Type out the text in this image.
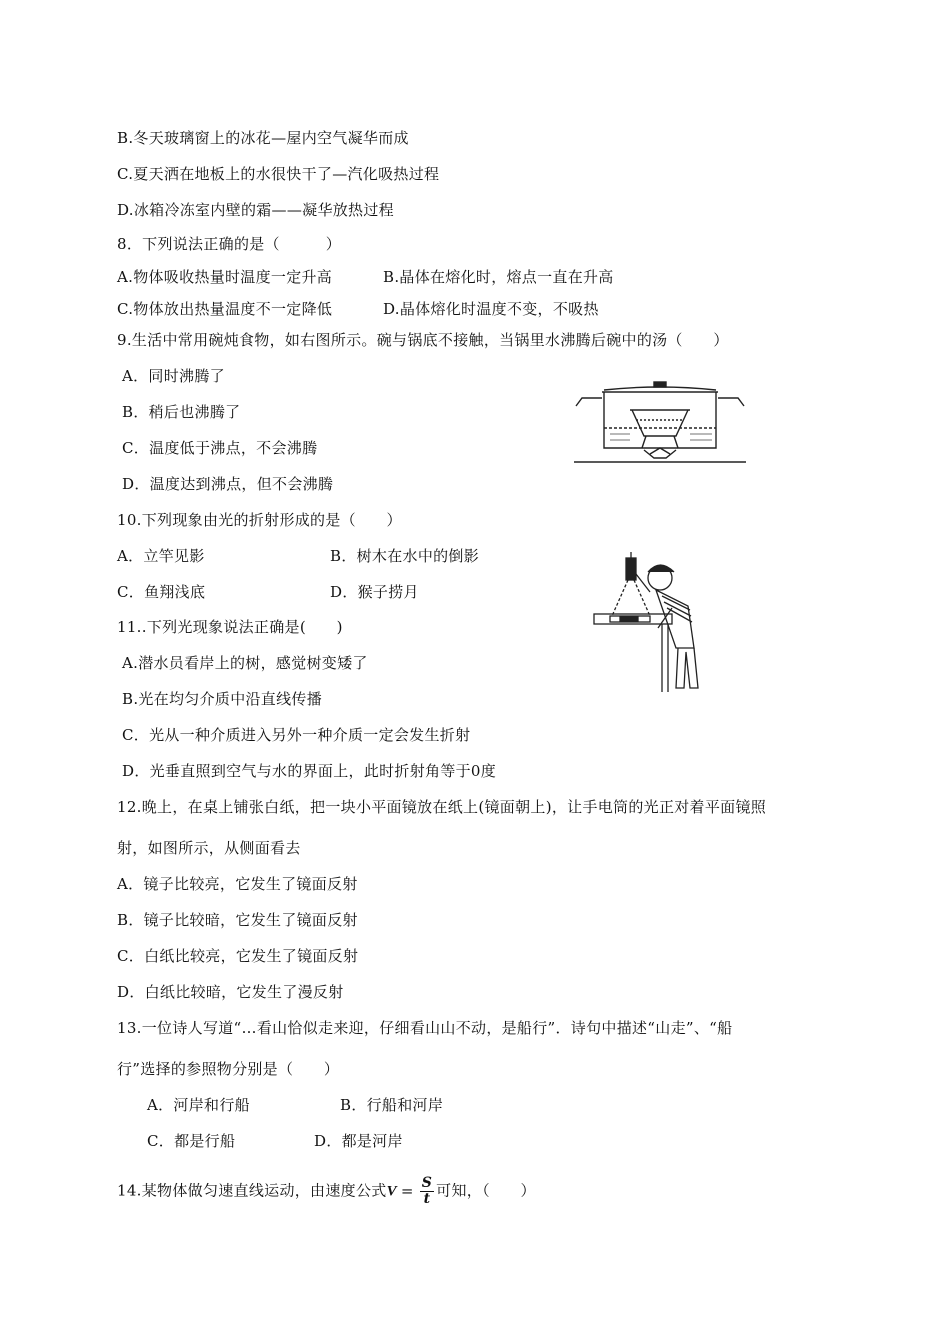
B.冬天玻璃窗上的冰花—屋内空气凝华而成
C.夏天洒在地板上的水很快干了—汽化吸热过程
D.冰箱冷冻室内壁的霜——凝华放热过程
8．下列说法正确的是（　　　）
A.物体吸收热量时温度一定升高	B.晶体在熔化时，熔点一直在升高
C.物体放出热量温度不一定降低	D.晶体熔化时温度不变，不吸热
9.生活中常用碗炖食物，如右图所示。碗与锅底不接触，当锅里水沸腾后碗中的汤（　　）
A．同时沸腾了
B．稍后也沸腾了
C．温度低于沸点，不会沸腾
D．温度达到沸点，但不会沸腾
10.下列现象由光的折射形成的是（　　）
A．立竿见影	B．树木在水中的倒影
C．鱼翔浅底	D．猴子捞月
11..下列光现象说法正确是(　　)
A.潜水员看岸上的树，感觉树变矮了
B.光在均匀介质中沿直线传播
C．光从一种介质进入另外一种介质一定会发生折射
D．光垂直照到空气与水的界面上，此时折射角等于0度
12.晚上，在桌上铺张白纸，把一块小平面镜放在纸上(镜面朝上)，让手电筒的光正对着平面镜照
射，如图所示，从侧面看去
A．镜子比较亮，它发生了镜面反射
B．镜子比较暗，它发生了镜面反射
C．白纸比较亮，它发生了镜面反射
D．白纸比较暗，它发生了漫反射
13.一位诗人写道“…看山恰似走来迎，仔细看山山不动，是船行”．诗句中描述“山走”、“船
行”选择的参照物分别是（　　）
A．河岸和行船	B．行船和河岸
C．都是行船	D．都是河岸
14.某物体做匀速直线运动，由速度公式$V = \frac{S}{t}$ 可知，（　　）
